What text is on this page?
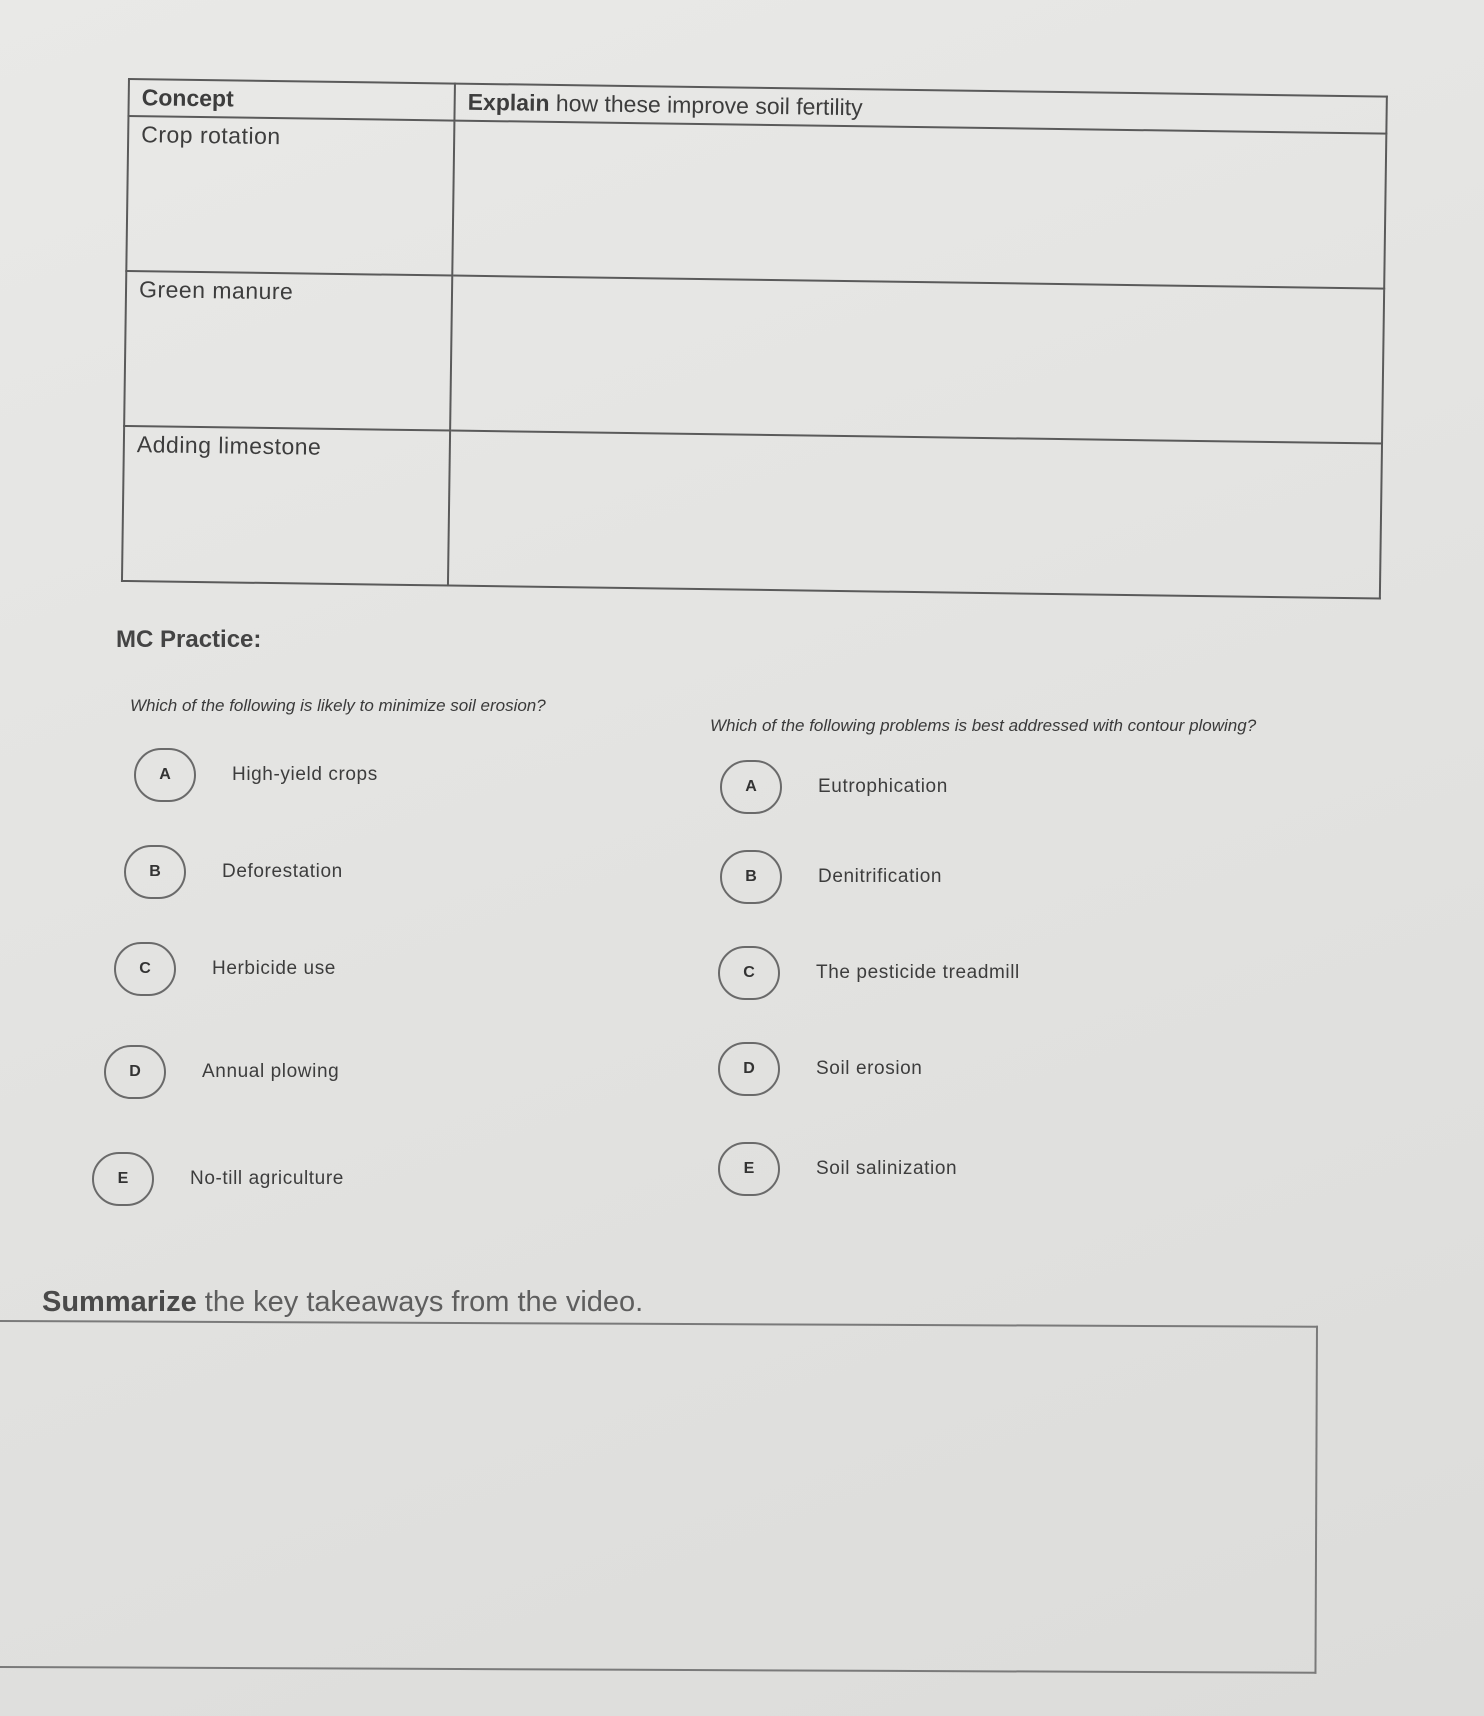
Concept	Explain how these improve soil fertility
Crop rotation	
Green manure	
Adding limestone	
MC Practice:
Which of the following is likely to minimize soil erosion?
Which of the following problems is best addressed with contour plowing?
A	High-yield crops
B	Deforestation
C	Herbicide use
D	Annual plowing
E	No-till agriculture
A	Eutrophication
B	Denitrification
C	The pesticide treadmill
D	Soil erosion
E	Soil salinization
Summarize the key takeaways from the video.
